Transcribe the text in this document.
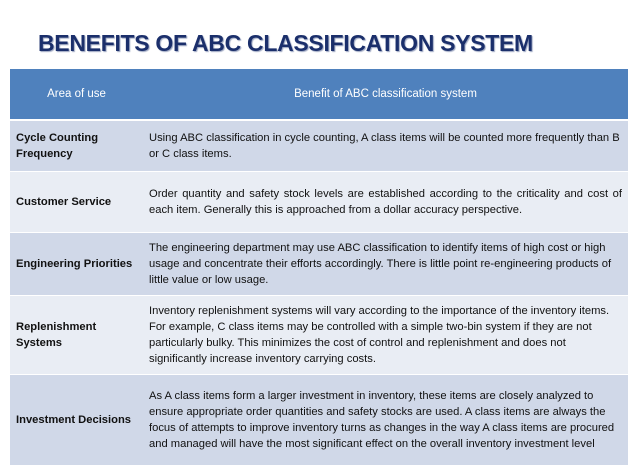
BENEFITS OF ABC CLASSIFICATION SYSTEM
Area of use	Benefit of ABC classification system
Cycle Counting Frequency	Using ABC classification in cycle counting, A class items will be counted more frequently than B or C class items.
Customer Service	Order quantity and safety stock levels are established according to the criticality and cost of each item. Generally this is approached from a dollar accuracy perspective.
Engineering Priorities	The engineering department may use ABC classification to identify items of high cost or high usage and concentrate their efforts accordingly. There is little point re-engineering products of little value or low usage.
Replenishment Systems	Inventory replenishment systems will vary according to the importance of the inventory items. For example, C class items may be controlled with a simple two-bin system if they are not particularly bulky. This minimizes the cost of control and replenishment and does not significantly increase inventory carrying costs.
Investment Decisions	As A class items form a larger investment in inventory, these items are closely analyzed to ensure appropriate order quantities and safety stocks are used. A class items are always the focus of attempts to improve inventory turns as changes in the way A class items are procured and managed will have the most significant effect on the overall inventory investment level
